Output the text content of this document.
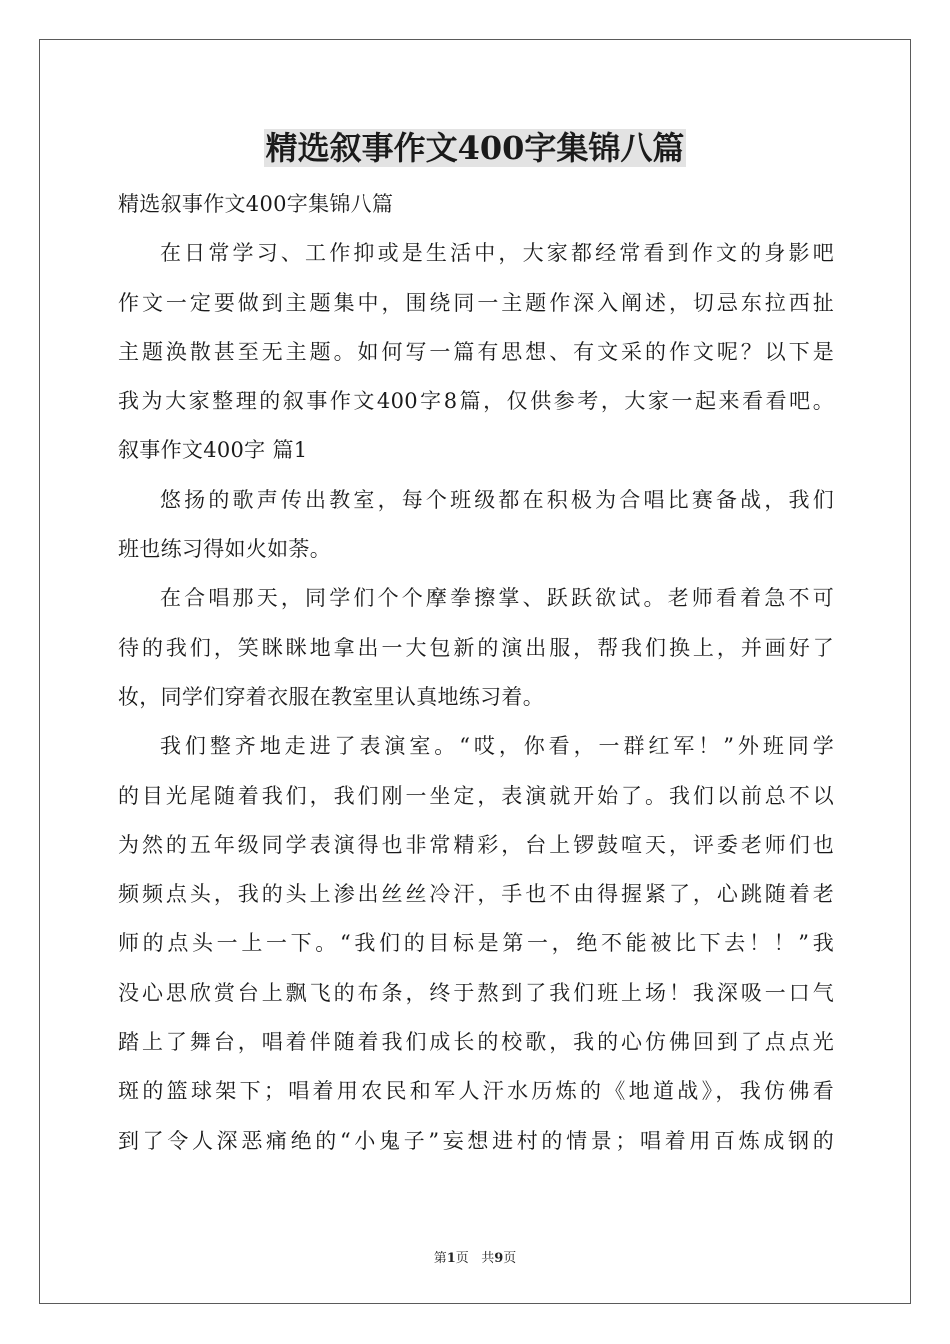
精选叙事作文400字集锦八篇

精选叙事作文400字集锦八篇

在日常学习、工作抑或是生活中，大家都经常看到作文的身影吧

作文一定要做到主题集中，围绕同一主题作深入阐述，切忌东拉西扯

主题涣散甚至无主题。如何写一篇有思想、有文采的作文呢？以下是

我为大家整理的叙事作文400字8篇，仅供参考，大家一起来看看吧。

叙事作文400字 篇1

悠扬的歌声传出教室，每个班级都在积极为合唱比赛备战，我们

班也练习得如火如荼。

在合唱那天，同学们个个摩拳擦掌、跃跃欲试。老师看着急不可

待的我们，笑眯眯地拿出一大包新的演出服，帮我们换上，并画好了

妆，同学们穿着衣服在教室里认真地练习着。

我们整齐地走进了表演室。“哎，你看，一群红军！”外班同学

的目光尾随着我们，我们刚一坐定，表演就开始了。我们以前总不以

为然的五年级同学表演得也非常精彩，台上锣鼓喧天，评委老师们也

频频点头，我的头上渗出丝丝冷汗，手也不由得握紧了，心跳随着老

师的点头一上一下。“我们的目标是第一，绝不能被比下去！！”我

没心思欣赏台上飘飞的布条，终于熬到了我们班上场！我深吸一口气

踏上了舞台，唱着伴随着我们成长的校歌，我的心仿佛回到了点点光

斑的篮球架下；唱着用农民和军人汗水历炼的《地道战》，我仿佛看

到了令人深恶痛绝的“小鬼子”妄想进村的情景；唱着用百炼成钢的

第1页 共9页
